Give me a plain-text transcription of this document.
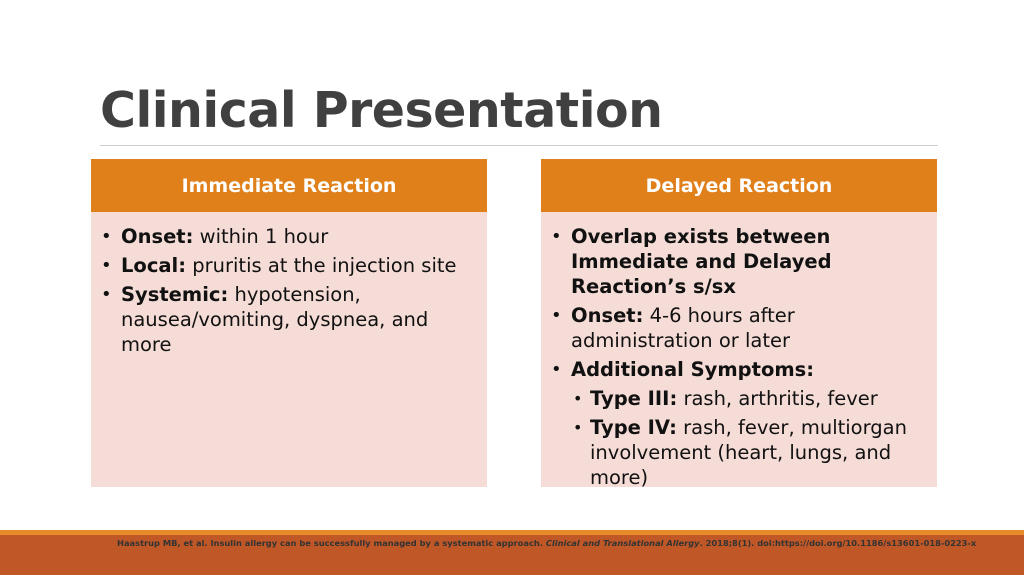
Clinical Presentation
Immediate Reaction
• Onset: within 1 hour
• Local: pruritis at the injection site
• Systemic: hypotension, nausea/vomiting, dyspnea, and more
Delayed Reaction
• Overlap exists between Immediate and Delayed Reaction’s s/sx
• Onset: 4-6 hours after administration or later
• Additional Symptoms:
• Type III: rash, arthritis, fever
• Type IV: rash, fever, multiorgan involvement (heart, lungs, and more)
Haastrup MB, et al. Insulin allergy can be successfully managed by a systematic approach. Clinical and Translational Allergy. 2018;8(1). doi:https://doi.org/10.1186/s13601-018-0223-x
